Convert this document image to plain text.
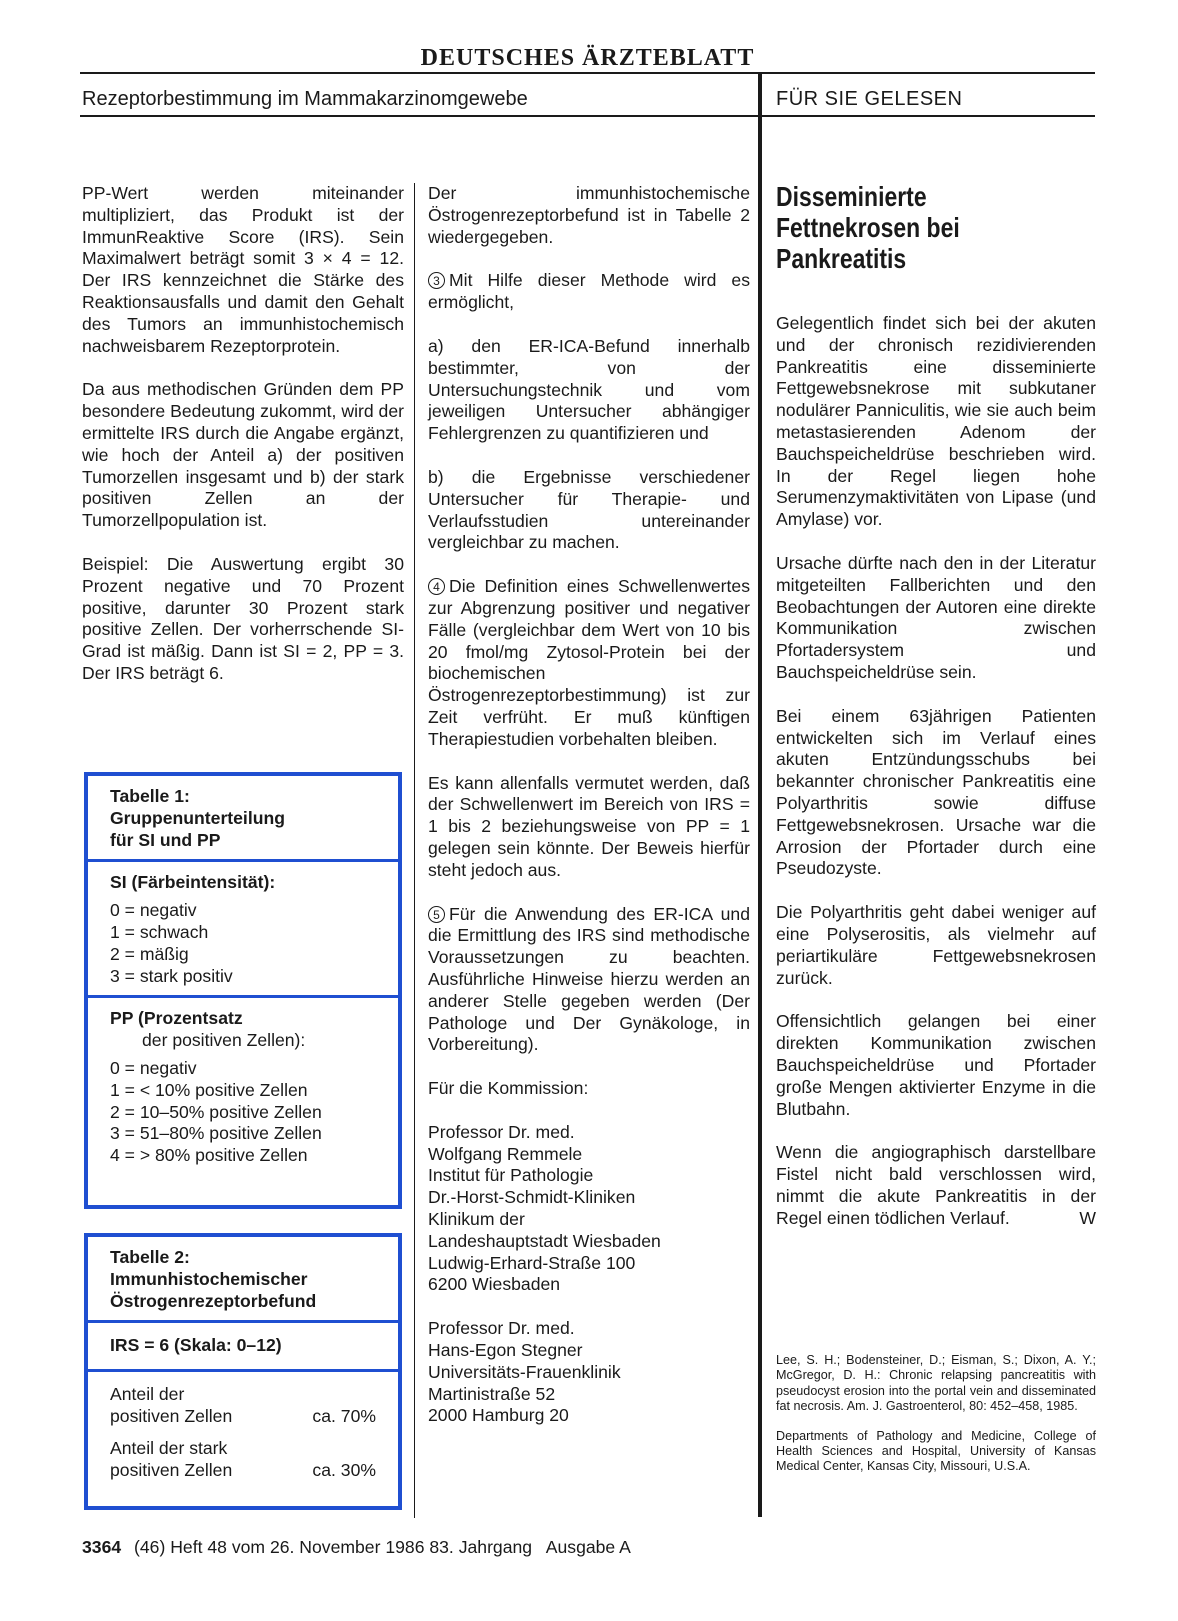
DEUTSCHES ÄRZTEBLATT
Rezeptorbestimmung im Mammakarzinomgewebe	FÜR SIE GELESEN

PP-Wert werden miteinander multipliziert, das Produkt ist der ImmunReaktive Score (IRS). Sein Maximalwert beträgt somit 3 × 4 = 12. Der IRS kennzeichnet die Stärke des Reaktionsausfalls und damit den Gehalt des Tumors an immunhistochemisch nachweisbarem Rezeptorprotein.

Da aus methodischen Gründen dem PP besondere Bedeutung zukommt, wird der ermittelte IRS durch die Angabe ergänzt, wie hoch der Anteil a) der positiven Tumorzellen insgesamt und b) der stark positiven Zellen an der Tumorzellpopulation ist.

Beispiel: Die Auswertung ergibt 30 Prozent negative und 70 Prozent positive, darunter 30 Prozent stark positive Zellen. Der vorherrschende SI-Grad ist mäßig. Dann ist SI = 2, PP = 3. Der IRS beträgt 6.

Tabelle 1:
Gruppenunterteilung
für SI und PP
SI (Färbeintensität):
0 = negativ
1 = schwach
2 = mäßig
3 = stark positiv
PP (Prozentsatz
der positiven Zellen):
0 = negativ
1 = < 10% positive Zellen
2 = 10–50% positive Zellen
3 = 51–80% positive Zellen
4 = > 80% positive Zellen
Tabelle 2:
Immunhistochemischer
Östrogenrezeptorbefund
IRS = 6 (Skala: 0–12)
Anteil der
positiven Zellen	ca. 70%
Anteil der stark
positiven Zellen	ca. 30%

Der immunhistochemische Östrogenrezeptorbefund ist in Tabelle 2 wiedergegeben.

3 Mit Hilfe dieser Methode wird es ermöglicht,

a) den ER-ICA-Befund innerhalb bestimmter, von der Untersuchungstechnik und vom jeweiligen Untersucher abhängiger Fehlergrenzen zu quantifizieren und

b) die Ergebnisse verschiedener Untersucher für Therapie- und Verlaufsstudien untereinander vergleichbar zu machen.

4 Die Definition eines Schwellenwertes zur Abgrenzung positiver und negativer Fälle (vergleichbar dem Wert von 10 bis 20 fmol/mg Zytosol-Protein bei der biochemischen Östrogenrezeptorbestimmung) ist zur Zeit verfrüht. Er muß künftigen Therapiestudien vorbehalten bleiben.

Es kann allenfalls vermutet werden, daß der Schwellenwert im Bereich von IRS = 1 bis 2 beziehungsweise von PP = 1 gelegen sein könnte. Der Beweis hierfür steht jedoch aus.

5 Für die Anwendung des ER-ICA und die Ermittlung des IRS sind methodische Voraussetzungen zu beachten. Ausführliche Hinweise hierzu werden an anderer Stelle gegeben werden (Der Pathologe und Der Gynäkologe, in Vorbereitung).

Für die Kommission:

Professor Dr. med.
Wolfgang Remmele
Institut für Pathologie
Dr.-Horst-Schmidt-Kliniken
Klinikum der
Landeshauptstadt Wiesbaden
Ludwig-Erhard-Straße 100
6200 Wiesbaden
Professor Dr. med.
Hans-Egon Stegner
Universitäts-Frauenklinik
Martinistraße 52
2000 Hamburg 20
Disseminierte
Fettnekrosen bei
Pankreatitis

Gelegentlich findet sich bei der akuten und der chronisch rezidivierenden Pankreatitis eine disseminierte Fettgewebsnekrose mit subkutaner nodulärer Panniculitis, wie sie auch beim metastasierenden Adenom der Bauchspeicheldrüse beschrieben wird. In der Regel liegen hohe Serumenzymaktivitäten von Lipase (und Amylase) vor.

Ursache dürfte nach den in der Literatur mitgeteilten Fallberichten und den Beobachtungen der Autoren eine direkte Kommunikation zwischen Pfortadersystem und Bauchspeicheldrüse sein.

Bei einem 63jährigen Patienten entwickelten sich im Verlauf eines akuten Entzündungsschubs bei bekannter chronischer Pankreatitis eine Polyarthritis sowie diffuse Fettgewebsnekrosen. Ursache war die Arrosion der Pfortader durch eine Pseudozyste.

Die Polyarthritis geht dabei weniger auf eine Polyserositis, als vielmehr auf periartikuläre Fettgewebsnekrosen zurück.

Offensichtlich gelangen bei einer direkten Kommunikation zwischen Bauchspeicheldrüse und Pfortader große Mengen aktivierter Enzyme in die Blutbahn.

Wenn die angiographisch darstellbare Fistel nicht bald verschlossen wird, nimmt die akute Pankreatitis in der Regel einen tödlichen Verlauf.	W

Lee, S. H.; Bodensteiner, D.; Eisman, S.; Dixon, A. Y.; McGregor, D. H.: Chronic relapsing pancreatitis with pseudocyst erosion into the portal vein and disseminated fat necrosis. Am. J. Gastroenterol, 80: 452–458, 1985.

Departments of Pathology and Medicine, College of Health Sciences and Hospital, University of Kansas Medical Center, Kansas City, Missouri, U.S.A.

3364 (46) Heft 48 vom 26. November 1986 83. Jahrgang   Ausgabe A
